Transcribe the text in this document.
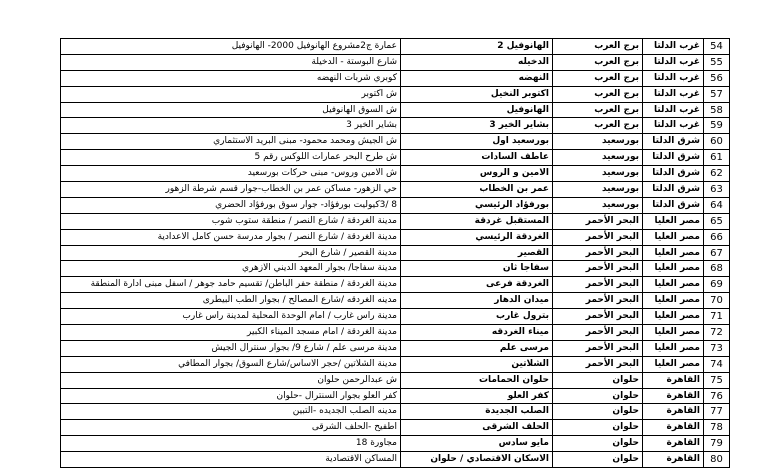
54	غرب الدلتا	برج العرب	الهانوفيل 2	عمارة ج2مشروع الهانوفيل 2000- الهانوفيل
55	غرب الدلتا	برج العرب	الدخيله	شارع البوستة - الدخيلة
56	غرب الدلتا	برج العرب	النهضه	كوبري شربات النهضه
57	غرب الدلتا	برج العرب	اكتوبر النخيل	ش اكتوبر
58	غرب الدلتا	برج العرب	الهانوفيل	ش السوق الهانوفيل
59	غرب الدلتا	برج العرب	بشاير الخير 3	بشاير الخير 3
60	شرق الدلتا	بورسعيد	بورسعيد اول	ش الجيش ومحمد محمود- مبنى البريد الاستثماري
61	شرق الدلتا	بورسعيد	عاطف السادات	ش طرح البحر عمارات اللوكس رقم 5
62	شرق الدلتا	بورسعيد	الامين و الروس	ش الامين وروس- مبنى حركات بورسعيد
63	شرق الدلتا	بورسعيد	عمر بن الخطاب	حي الزهور- مساكن عمر بن الخطاب-جوار قسم شرطة الزهور
64	شرق الدلتا	بورسعيد	بورفؤاد الرئيسي	8 /3كيوليت بورفؤاد- جوار سوق بورفؤاد الحضري
65	مصر العليا	البحر الأحمر	المستقبل غردقة	مدينة الغردقة / شارع النصر / منطقة ستوب شوب
66	مصر العليا	البحر الأحمر	الغردقة الرئيسي	مدينة الغردقة / شارع النصر / بجوار مدرسة حسن كامل الاعدادية
67	مصر العليا	البحر الأحمر	القصير	مدينة القصير / شارع البحر
68	مصر العليا	البحر الأحمر	سفاجا ثان	مدينة سفاجا/ بجوار المعهد الديني الازهري
69	مصر العليا	البحر الأحمر	الغردقة فرعى	مدينة الغردقة / منطقة حفر الباطن/ تقسيم حامد جوهر / اسفل مبنى ادارة المنطقة
70	مصر العليا	البحر الأحمر	ميدان الدهار	مدينه الغردقه /شارع المصالح / بجوار الطب البيطرى
71	مصر العليا	البحر الأحمر	بترول غارب	مدينة راس غارب / امام الوحدة المحلية لمدينة راس غارب
72	مصر العليا	البحر الأحمر	ميناء الغردقه	مدينة الغردقة / امام مسجد الميناء الكبير
73	مصر العليا	البحر الأحمر	مرسى علم	مدينة مرسى علم / شارع 9/ بجوار سنترال الجيش
74	مصر العليا	البحر الأحمر	الشلاتين	مدينة الشلاتين /حجر الاساس/شارع السوق/ بجوار المطافي
75	القاهرة	حلوان	حلوان الحمامات	ش عبدالرحمن حلوان
76	القاهرة	حلوان	كفر العلو	كفر العلو بجوار السنترال -حلوان
77	القاهرة	حلوان	الصلب الجديدة	مدينه الصلب الجديده -التبين
78	القاهرة	حلوان	الحلف الشرقى	اطفيح -الحلف الشرقى
79	القاهرة	حلوان	مايو سادس	مجاورة 18
80	القاهرة	حلوان	الاسكان الاقتصادي / حلوان	المساكن الاقتصادية
